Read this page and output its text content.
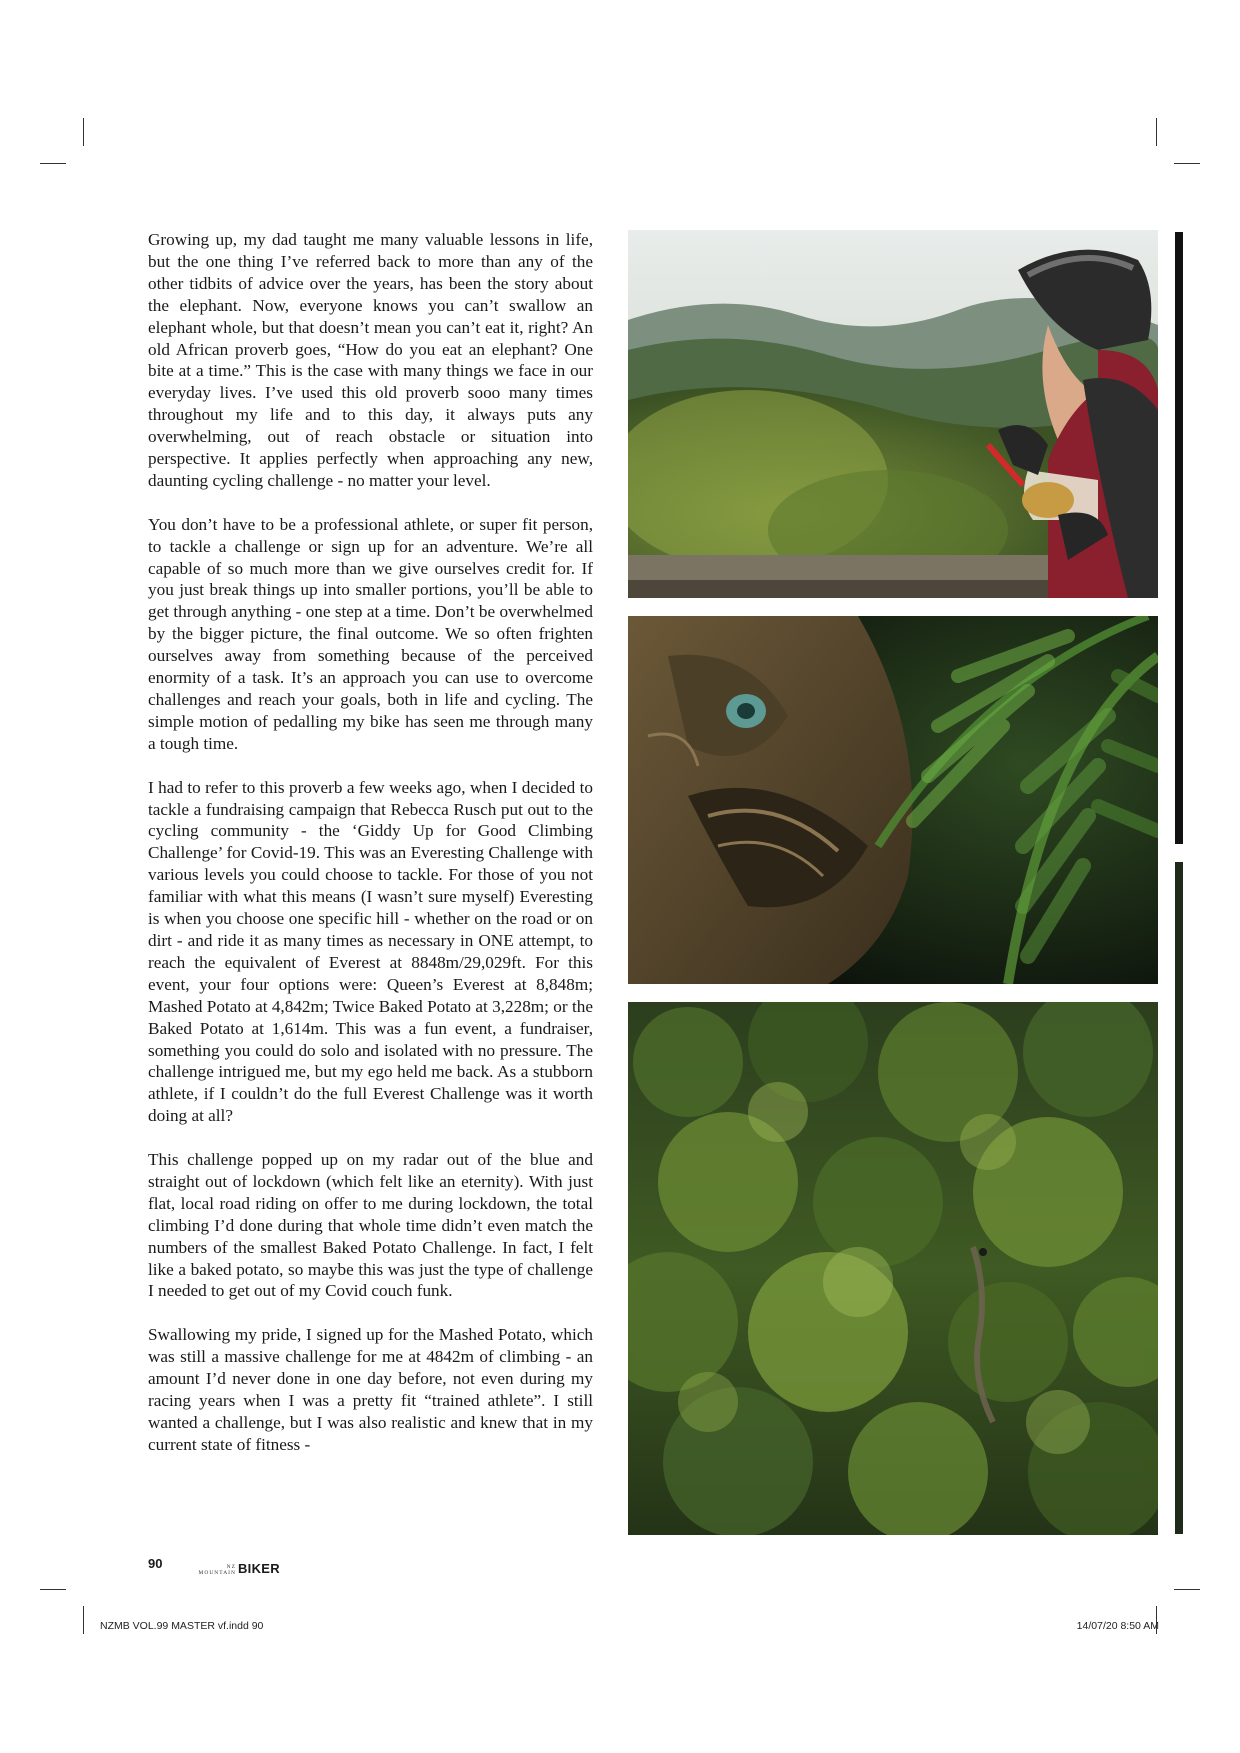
Growing up, my dad taught me many valuable lessons in life, but the one thing I’ve referred back to more than any of the other tidbits of advice over the years, has been the story about the elephant. Now, everyone knows you can’t swallow an elephant whole, but that doesn’t mean you can’t eat it, right? An old African proverb goes, “How do you eat an elephant? One bite at a time.” This is the case with many things we face in our everyday lives. I’ve used this old proverb sooo many times throughout my life and to this day, it always puts any overwhelming, out of reach obstacle or situation into perspective. It applies perfectly when approaching any new, daunting cycling challenge - no matter your level.

You don’t have to be a professional athlete, or super fit person, to tackle a challenge or sign up for an adventure. We’re all capable of so much more than we give ourselves credit for. If you just break things up into smaller portions, you’ll be able to get through anything - one step at a time. Don’t be overwhelmed by the bigger picture, the final outcome. We so often frighten ourselves away from something because of the perceived enormity of a task. It’s an approach you can use to overcome challenges and reach your goals, both in life and cycling. The simple motion of pedalling my bike has seen me through many a tough time.

I had to refer to this proverb a few weeks ago, when I decided to tackle a fundraising campaign that Rebecca Rusch put out to the cycling community - the ‘Giddy Up for Good Climbing Challenge’ for Covid-19. This was an Everesting Challenge with various levels you could choose to tackle. For those of you not familiar with what this means (I wasn’t sure myself) Everesting is when you choose one specific hill - whether on the road or on dirt - and ride it as many times as necessary in ONE attempt, to reach the equivalent of Everest at 8848m/29,029ft. For this event, your four options were: Queen’s Everest at 8,848m; Mashed Potato at 4,842m; Twice Baked Potato at 3,228m; or the Baked Potato at 1,614m. This was a fun event, a fundraiser, something you could do solo and isolated with no pressure. The challenge intrigued me, but my ego held me back. As a stubborn athlete, if I couldn’t do the full Everest Challenge was it worth doing at all?

This challenge popped up on my radar out of the blue and straight out of lockdown (which felt like an eternity). With just flat, local road riding on offer to me during lockdown, the total climbing I’d done during that whole time didn’t even match the numbers of the smallest Baked Potato Challenge. In fact, I felt like a baked potato, so maybe this was just the type of challenge I needed to get out of my Covid couch funk.

Swallowing my pride, I signed up for the Mashed Potato, which was still a massive challenge for me at 4842m of climbing - an amount I’d never done in one day before, not even during my racing years when I was a pretty fit “trained athlete”. I still wanted a challenge, but I was also realistic and knew that in my current state of fitness -

90	NZ
MOUNTAIN BIKER
NZMB VOL.99 MASTER vf.indd 90	14/07/20 8:50 AM
